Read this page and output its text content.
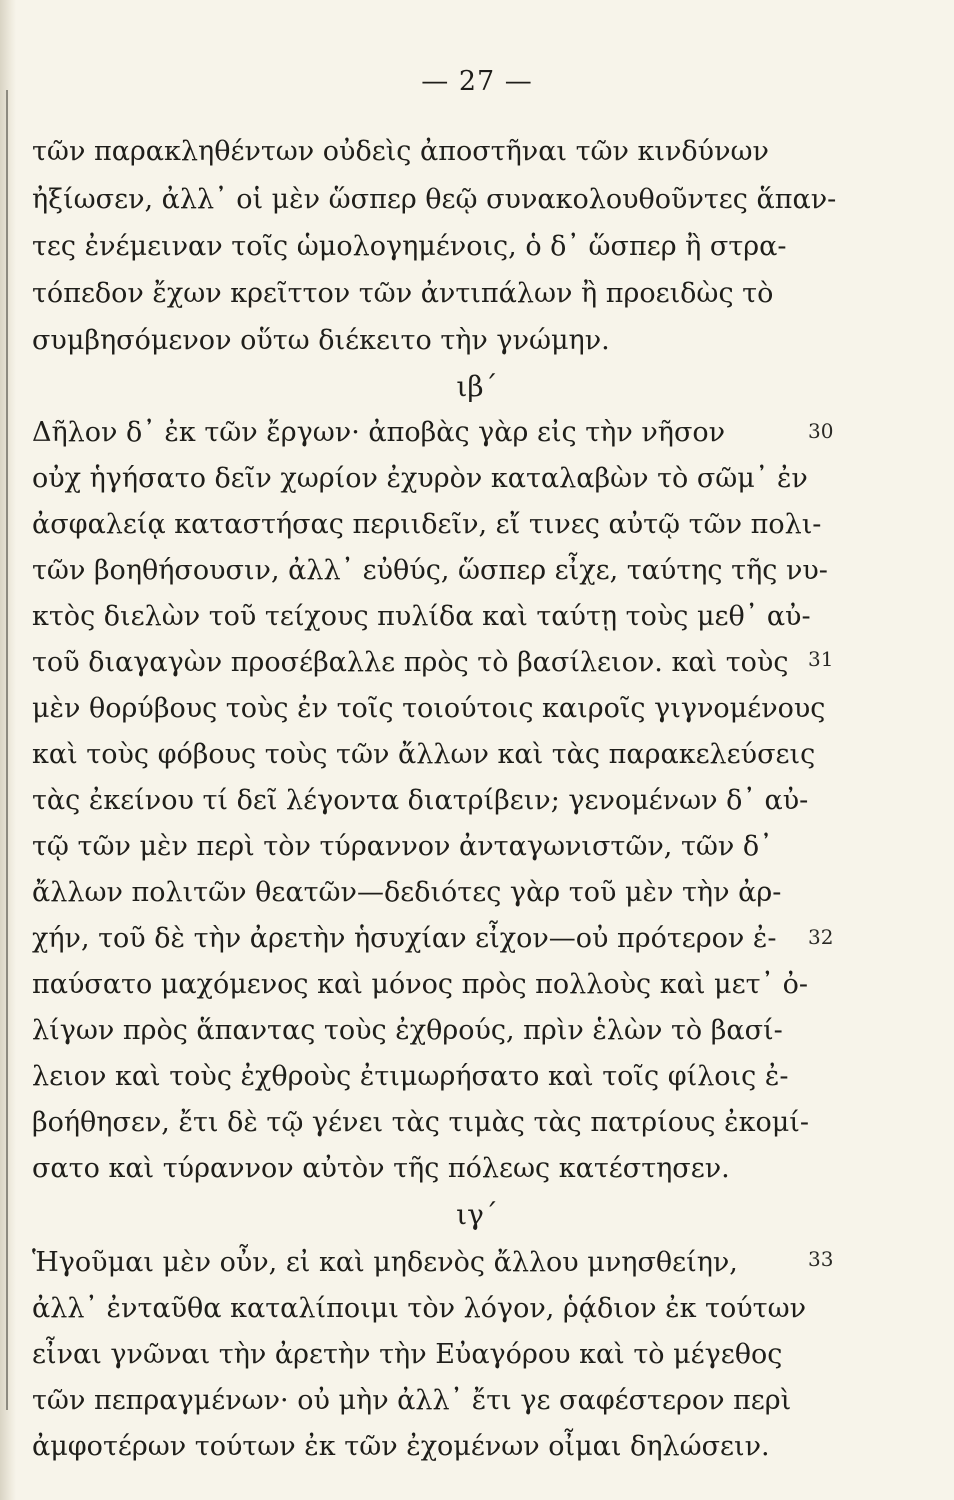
— 27 —
τῶν παρακληθέντων οὐδεὶς ἀποστῆναι τῶν κινδύνων
ἠξίωσεν, ἀλλ᾽ οἱ μὲν ὥσπερ θεῷ συνακολουθοῦντες ἅπαν-
τες ἐνέμειναν τοῖς ὡμολογημένοις, ὁ δ᾽ ὥσπερ ἢ στρα-
τόπεδον ἔχων κρεῖττον τῶν ἀντιπάλων ἢ προειδὼς τὸ
συμβησόμενον οὕτω διέκειτο τὴν γνώμην.
ιβ´
Δῆλον δ᾽ ἐκ τῶν ἔργων· ἀποβὰς γὰρ εἰς τὴν νῆσον	30
οὐχ ἡγήσατο δεῖν χωρίον ἐχυρὸν καταλαβὼν τὸ σῶμ᾽ ἐν
ἀσφαλείᾳ καταστήσας περιιδεῖν, εἴ τινες αὐτῷ τῶν πολι-
τῶν βοηθήσουσιν, ἀλλ᾽ εὐθύς, ὥσπερ εἶχε, ταύτης τῆς νυ-
κτὸς διελὼν τοῦ τείχους πυλίδα καὶ ταύτῃ τοὺς μεθ᾽ αὐ-
τοῦ διαγαγὼν προσέβαλλε πρὸς τὸ βασίλειον. καὶ τοὺς 31
μὲν θορύβους τοὺς ἐν τοῖς τοιούτοις καιροῖς γιγνομένους
καὶ τοὺς φόβους τοὺς τῶν ἄλλων καὶ τὰς παρακελεύσεις
τὰς ἐκείνου τί δεῖ λέγοντα διατρίβειν; γενομένων δ᾽ αὐ-
τῷ τῶν μὲν περὶ τὸν τύραννον ἀνταγωνιστῶν, τῶν δ᾽
ἄλλων πολιτῶν θεατῶν—δεδιότες γὰρ τοῦ μὲν τὴν ἀρ-
χήν, τοῦ δὲ τὴν ἀρετὴν ἡσυχίαν εἶχον—οὐ πρότερον ἐ-	32
παύσατο μαχόμενος καὶ μόνος πρὸς πολλοὺς καὶ μετ᾽ ὀ-
λίγων πρὸς ἅπαντας τοὺς ἐχθρούς, πρὶν ἑλὼν τὸ βασί-
λειον καὶ τοὺς ἐχθροὺς ἐτιμωρήσατο καὶ τοῖς φίλοις ἐ-
βοήθησεν, ἔτι δὲ τῷ γένει τὰς τιμὰς τὰς πατρίους ἐκομί-
σατο καὶ τύραννον αὐτὸν τῆς πόλεως κατέστησεν.
ιγ´
Ἡγοῦμαι μὲν οὖν, εἰ καὶ μηδενὸς ἄλλου μνησθείην,	33
ἀλλ᾽ ἐνταῦθα καταλίποιμι τὸν λόγον, ῥᾴδιον ἐκ τούτων
εἶναι γνῶναι τὴν ἀρετὴν τὴν Εὐαγόρου καὶ τὸ μέγεθος
τῶν πεπραγμένων· οὐ μὴν ἀλλ᾽ ἔτι γε σαφέστερον περὶ
ἀμφοτέρων τούτων ἐκ τῶν ἐχομένων οἶμαι δηλώσειν.
